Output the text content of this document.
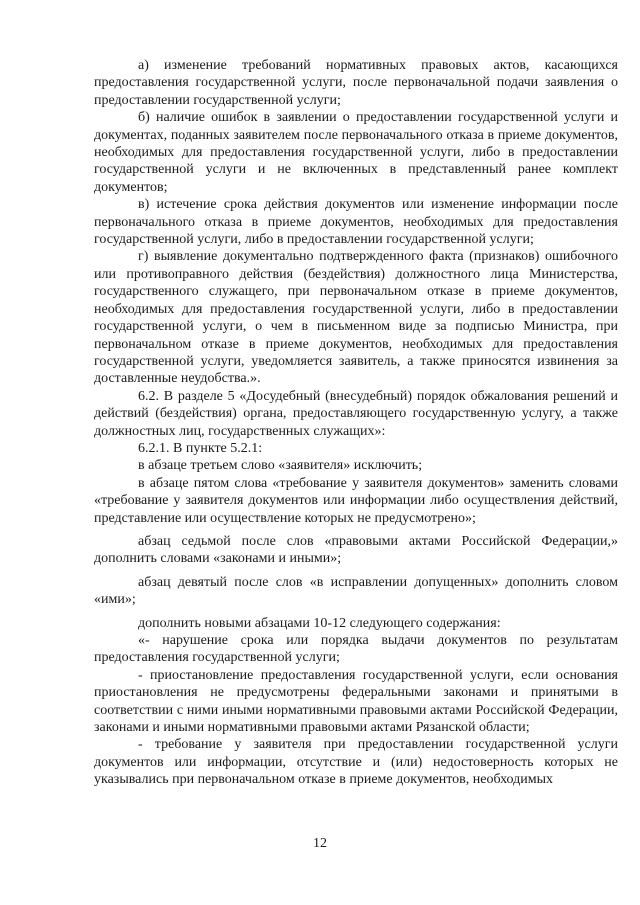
а) изменение требований нормативных правовых актов, касающихся предоставления государственной услуги, после первоначальной подачи заявления о предоставлении государственной услуги;

б) наличие ошибок в заявлении о предоставлении государственной услуги и документах, поданных заявителем после первоначального отказа в приеме документов, необходимых для предоставления государственной услуги, либо в предоставлении государственной услуги и не включенных в представленный ранее комплект документов;

в) истечение срока действия документов или изменение информации после первоначального отказа в приеме документов, необходимых для предоставления государственной услуги, либо в предоставлении государственной услуги;

г) выявление документально подтвержденного факта (признаков) ошибочного или противоправного действия (бездействия) должностного лица Министерства, государственного служащего, при первоначальном отказе в приеме документов, необходимых для предоставления государственной услуги, либо в предоставлении государственной услуги, о чем в письменном виде за подписью Министра, при первоначальном отказе в приеме документов, необходимых для предоставления государственной услуги, уведомляется заявитель, а также приносятся извинения за доставленные неудобства.».

6.2. В разделе 5 «Досудебный (внесудебный) порядок обжалования решений и действий (бездействия) органа, предоставляющего государственную услугу, а также должностных лиц, государственных служащих»:

6.2.1. В пункте 5.2.1:

в абзаце третьем слово «заявителя» исключить;

в абзаце пятом слова «требование у заявителя документов» заменить словами «требование у заявителя документов или информации либо осуществления действий, представление или осуществление которых не предусмотрено»;

абзац седьмой после слов «правовыми актами Российской Федерации,» дополнить словами «законами и иными»;

абзац девятый после слов «в исправлении допущенных» дополнить словом «ими»;

дополнить новыми абзацами 10-12 следующего содержания:

«- нарушение срока или порядка выдачи документов по результатам предоставления государственной услуги;

- приостановление предоставления государственной услуги, если основания приостановления не предусмотрены федеральными законами и принятыми в соответствии с ними иными нормативными правовыми актами Российской Федерации, законами и иными нормативными правовыми актами Рязанской области;

- требование у заявителя при предоставлении государственной услуги документов или информации, отсутствие и (или) недостоверность которых не указывались при первоначальном отказе в приеме документов, необходимых

12
